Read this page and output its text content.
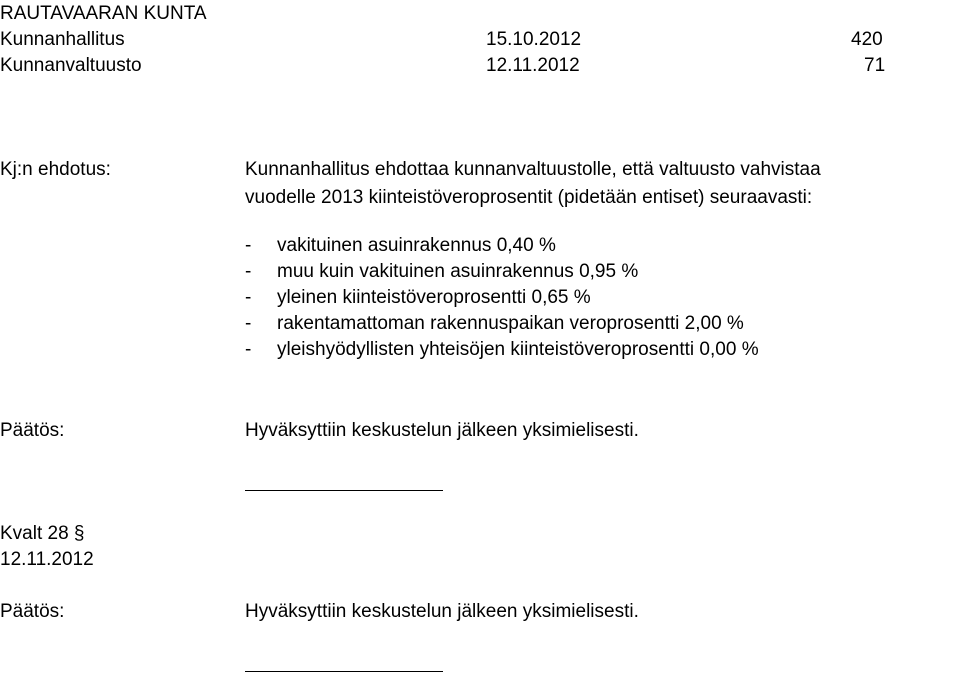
RAUTAVAARAN KUNTA
Kunnanhallitus	15.10.2012	420
Kunnanvaltuusto	12.11.2012	71
Kj:n ehdotus:	Kunnanhallitus ehdottaa kunnanvaltuustolle, että valtuusto vahvistaa
vuodelle 2013 kiinteistöveroprosentit (pidetään entiset) seuraavasti:
- vakituinen asuinrakennus 0,40 %
- muu kuin vakituinen asuinrakennus 0,95 %
- yleinen kiinteistöveroprosentti 0,65 %
- rakentamattoman rakennuspaikan veroprosentti 2,00 %
- yleishyödyllisten yhteisöjen kiinteistöveroprosentti 0,00 %
Päätös:	Hyväksyttiin keskustelun jälkeen yksimielisesti.
Kvalt 28 §
12.11.2012
Päätös:	Hyväksyttiin keskustelun jälkeen yksimielisesti.
